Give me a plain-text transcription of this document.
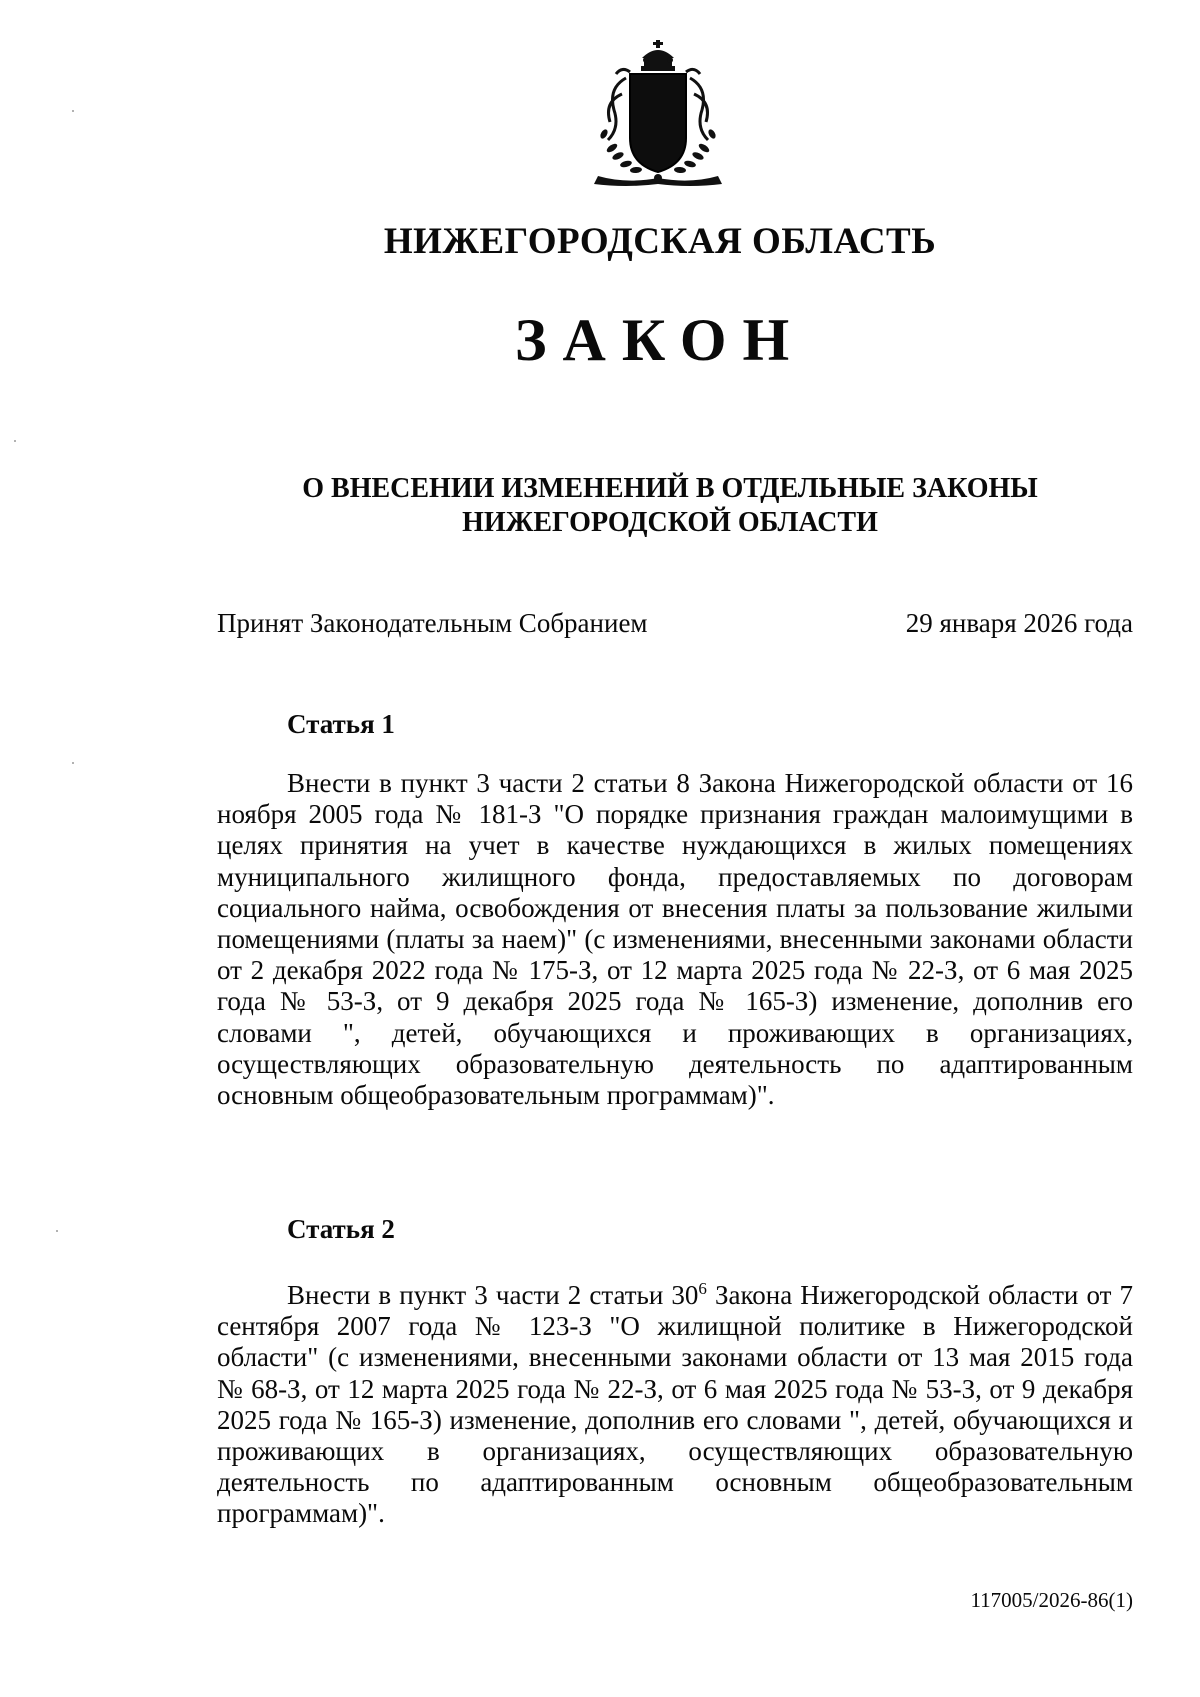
НИЖЕГОРОДСКАЯ ОБЛАСТЬ
ЗАКОН
О ВНЕСЕНИИ ИЗМЕНЕНИЙ В ОТДЕЛЬНЫЕ ЗАКОНЫ
НИЖЕГОРОДСКОЙ ОБЛАСТИ
Принят Законодательным Собранием	29 января 2026 года
Статья 1

Внести в пункт 3 части 2 статьи 8 Закона Нижегородской области от 16 ноября 2005 года № 181-З "О порядке признания граждан малоимущими в целях принятия на учет в качестве нуждающихся в жилых помещениях муниципального жилищного фонда, предоставляемых по договорам социального найма, освобождения от внесения платы за пользование жилыми помещениями (платы за наем)" (с изменениями, внесенными законами области от 2 декабря 2022 года № 175-З, от 12 марта 2025 года № 22-З, от 6 мая 2025 года № 53-З, от 9 декабря 2025 года № 165-З) изменение, дополнив его словами ", детей, обучающихся и проживающих в организациях, осуществляющих образовательную деятельность по адаптированным основным общеобразовательным программам)".

Статья 2

Внести в пункт 3 части 2 статьи $30^6$ Закона Нижегородской области от 7 сентября 2007 года № 123-З "О жилищной политике в Нижегородской области" (с изменениями, внесенными законами области от 13 мая 2015 года № 68-З, от 12 марта 2025 года № 22-З, от 6 мая 2025 года № 53-З, от 9 декабря 2025 года № 165-З) изменение, дополнив его словами ", детей, обучающихся и проживающих в организациях, осуществляющих образовательную деятельность по адаптированным основным общеобразовательным программам)".

117005/2026-86(1)
